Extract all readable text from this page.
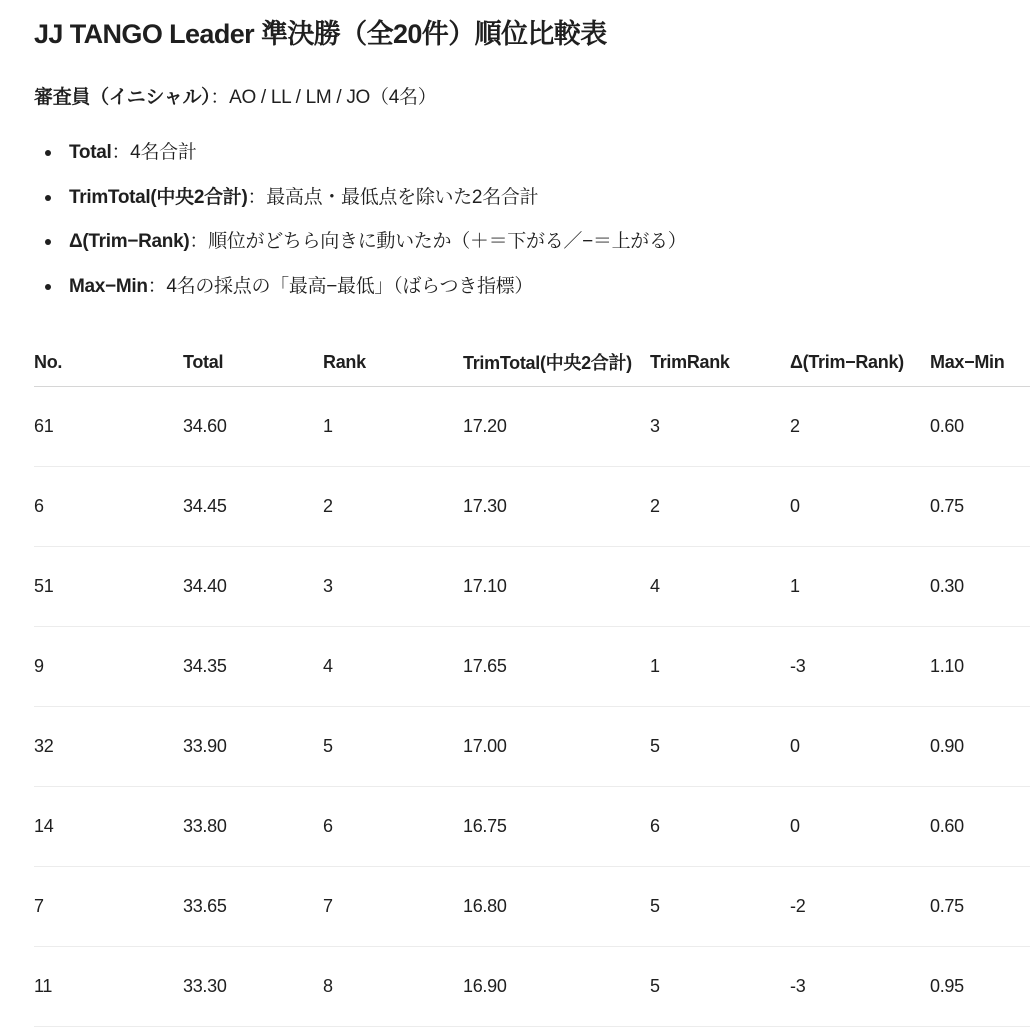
JJ TANGO Leader 準決勝（全20件）順位比較表
審査員（イニシャル）：AO / LL / LM / JO（4名）
Total：4名合計
TrimTotal(中央2合計)：最高点・最低点を除いた2名合計
Δ(Trim−Rank)：順位がどちら向きに動いたか（＋＝下がる／−＝上がる）
Max−Min：4名の採点の「最高−最低」（ばらつき指標）
No.	Total	Rank	TrimTotal(中央2合計)	TrimRank	Δ(Trim−Rank)	Max−Min
61	34.60	1	17.20	3	2	0.60
6	34.45	2	17.30	2	0	0.75
51	34.40	3	17.10	4	1	0.30
9	34.35	4	17.65	1	-3	1.10
32	33.90	5	17.00	5	0	0.90
14	33.80	6	16.75	6	0	0.60
7	33.65	7	16.80	5	-2	0.75
11	33.30	8	16.90	5	-3	0.95
